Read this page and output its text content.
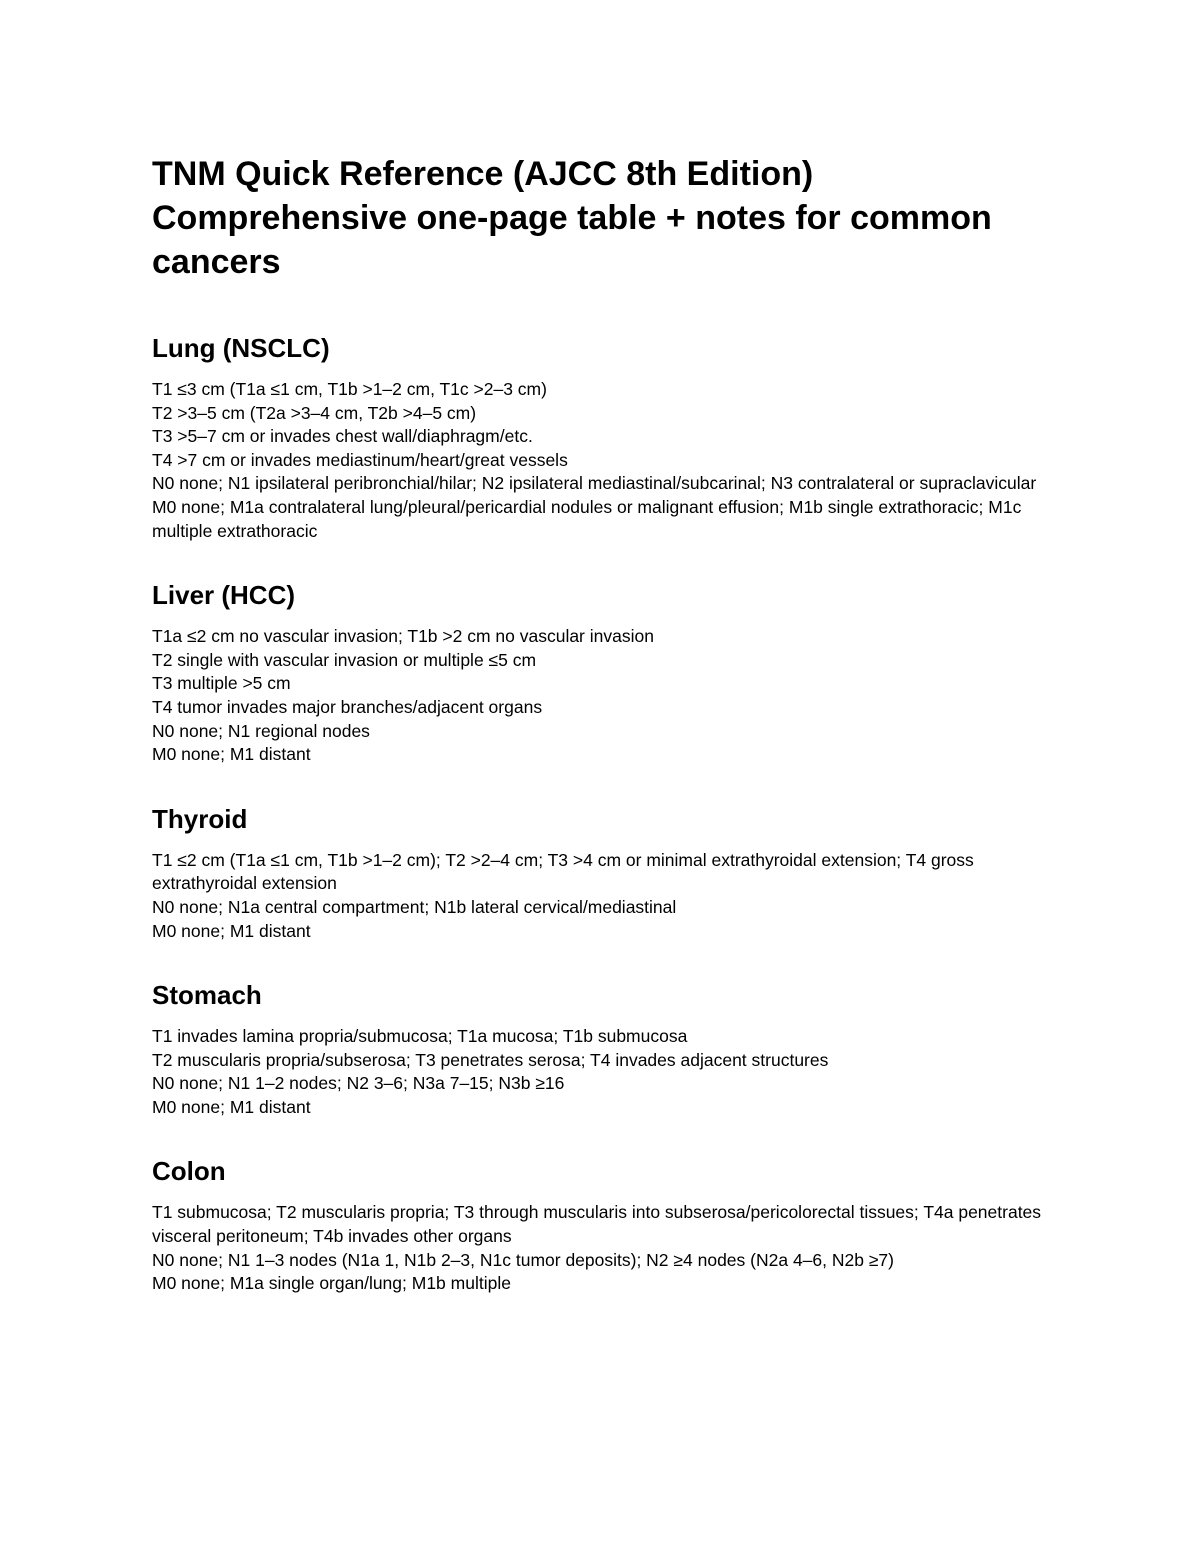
TNM Quick Reference (AJCC 8th Edition)
Comprehensive one-page table + notes for common
cancers
Lung (NSCLC)
T1 ≤3 cm (T1a ≤1 cm, T1b >1–2 cm, T1c >2–3 cm)
T2 >3–5 cm (T2a >3–4 cm, T2b >4–5 cm)
T3 >5–7 cm or invades chest wall/diaphragm/etc.
T4 >7 cm or invades mediastinum/heart/great vessels
N0 none; N1 ipsilateral peribronchial/hilar; N2 ipsilateral mediastinal/subcarinal; N3 contralateral or supraclavicular
M0 none; M1a contralateral lung/pleural/pericardial nodules or malignant effusion; M1b single extrathoracic; M1c multiple extrathoracic
Liver (HCC)
T1a ≤2 cm no vascular invasion; T1b >2 cm no vascular invasion
T2 single with vascular invasion or multiple ≤5 cm
T3 multiple >5 cm
T4 tumor invades major branches/adjacent organs
N0 none; N1 regional nodes
M0 none; M1 distant
Thyroid
T1 ≤2 cm (T1a ≤1 cm, T1b >1–2 cm); T2 >2–4 cm; T3 >4 cm or minimal extrathyroidal extension; T4 gross extrathyroidal extension
N0 none; N1a central compartment; N1b lateral cervical/mediastinal
M0 none; M1 distant
Stomach
T1 invades lamina propria/submucosa; T1a mucosa; T1b submucosa
T2 muscularis propria/subserosa; T3 penetrates serosa; T4 invades adjacent structures
N0 none; N1 1–2 nodes; N2 3–6; N3a 7–15; N3b ≥16
M0 none; M1 distant
Colon
T1 submucosa; T2 muscularis propria; T3 through muscularis into subserosa/pericolorectal tissues; T4a penetrates visceral peritoneum; T4b invades other organs
N0 none; N1 1–3 nodes (N1a 1, N1b 2–3, N1c tumor deposits); N2 ≥4 nodes (N2a 4–6, N2b ≥7)
M0 none; M1a single organ/lung; M1b multiple
